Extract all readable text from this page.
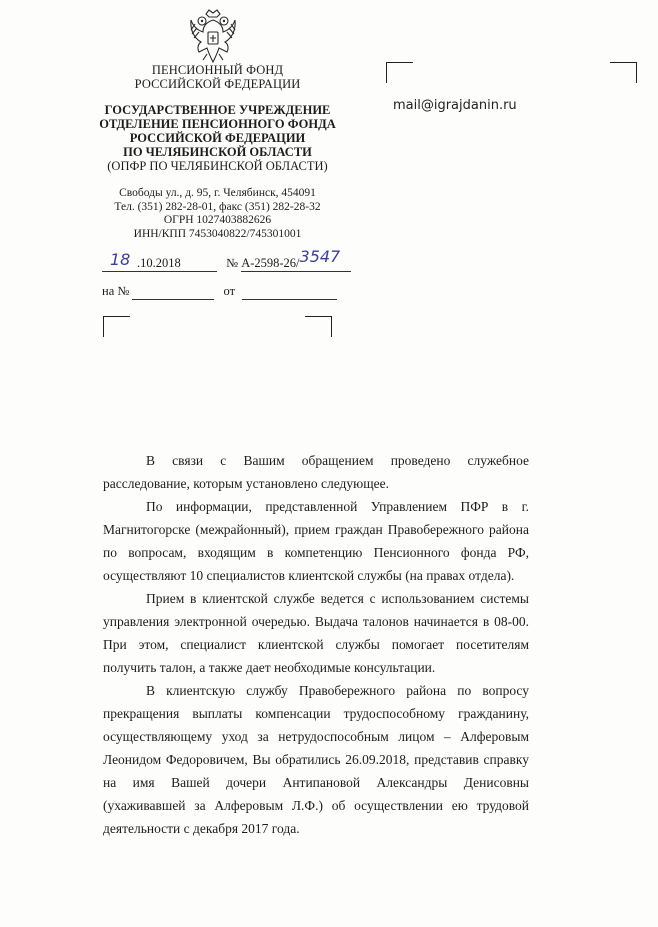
ПЕНСИОННЫЙ ФОНД
РОССИЙСКОЙ ФЕДЕРАЦИИ
ГОСУДАРСТВЕННОЕ УЧРЕЖДЕНИЕ
ОТДЕЛЕНИЕ ПЕНСИОННОГО ФОНДА
РОССИЙСКОЙ ФЕДЕРАЦИИ
ПО ЧЕЛЯБИНСКОЙ ОБЛАСТИ
(ОПФР ПО ЧЕЛЯБИНСКОЙ ОБЛАСТИ)
Свободы ул., д. 95, г. Челябинск, 454091
Тел. (351) 282-28-01, факс (351) 282-28-32
ОГРН 1027403882626
ИНН/КПП 7453040822/745301001
18 .10.2018	№ А-2598-26/3547
на №	от
mail@igrajdanin.ru

В связи с Вашим обращением проведено служебное расследование, которым установлено следующее.

По информации, представленной Управлением ПФР в г. Магнитогорске (межрайонный), прием граждан Правобережного района по вопросам, входящим в компетенцию Пенсионного фонда РФ, осуществляют 10 специалистов клиентской службы (на правах отдела).

Прием в клиентской службе ведется с использованием системы управления электронной очередью. Выдача талонов начинается в 08-00. При этом, специалист клиентской службы помогает посетителям получить талон, а также дает необходимые консультации.

В клиентскую службу Правобережного района по вопросу прекращения выплаты компенсации трудоспособному гражданину, осуществляющему уход за нетрудоспособным лицом – Алферовым Леонидом Федоровичем, Вы обратились 26.09.2018, представив справку на имя Вашей дочери Антипановой Александры Денисовны (ухаживавшей за Алферовым Л.Ф.) об осуществлении ею трудовой деятельности с декабря 2017 года.
